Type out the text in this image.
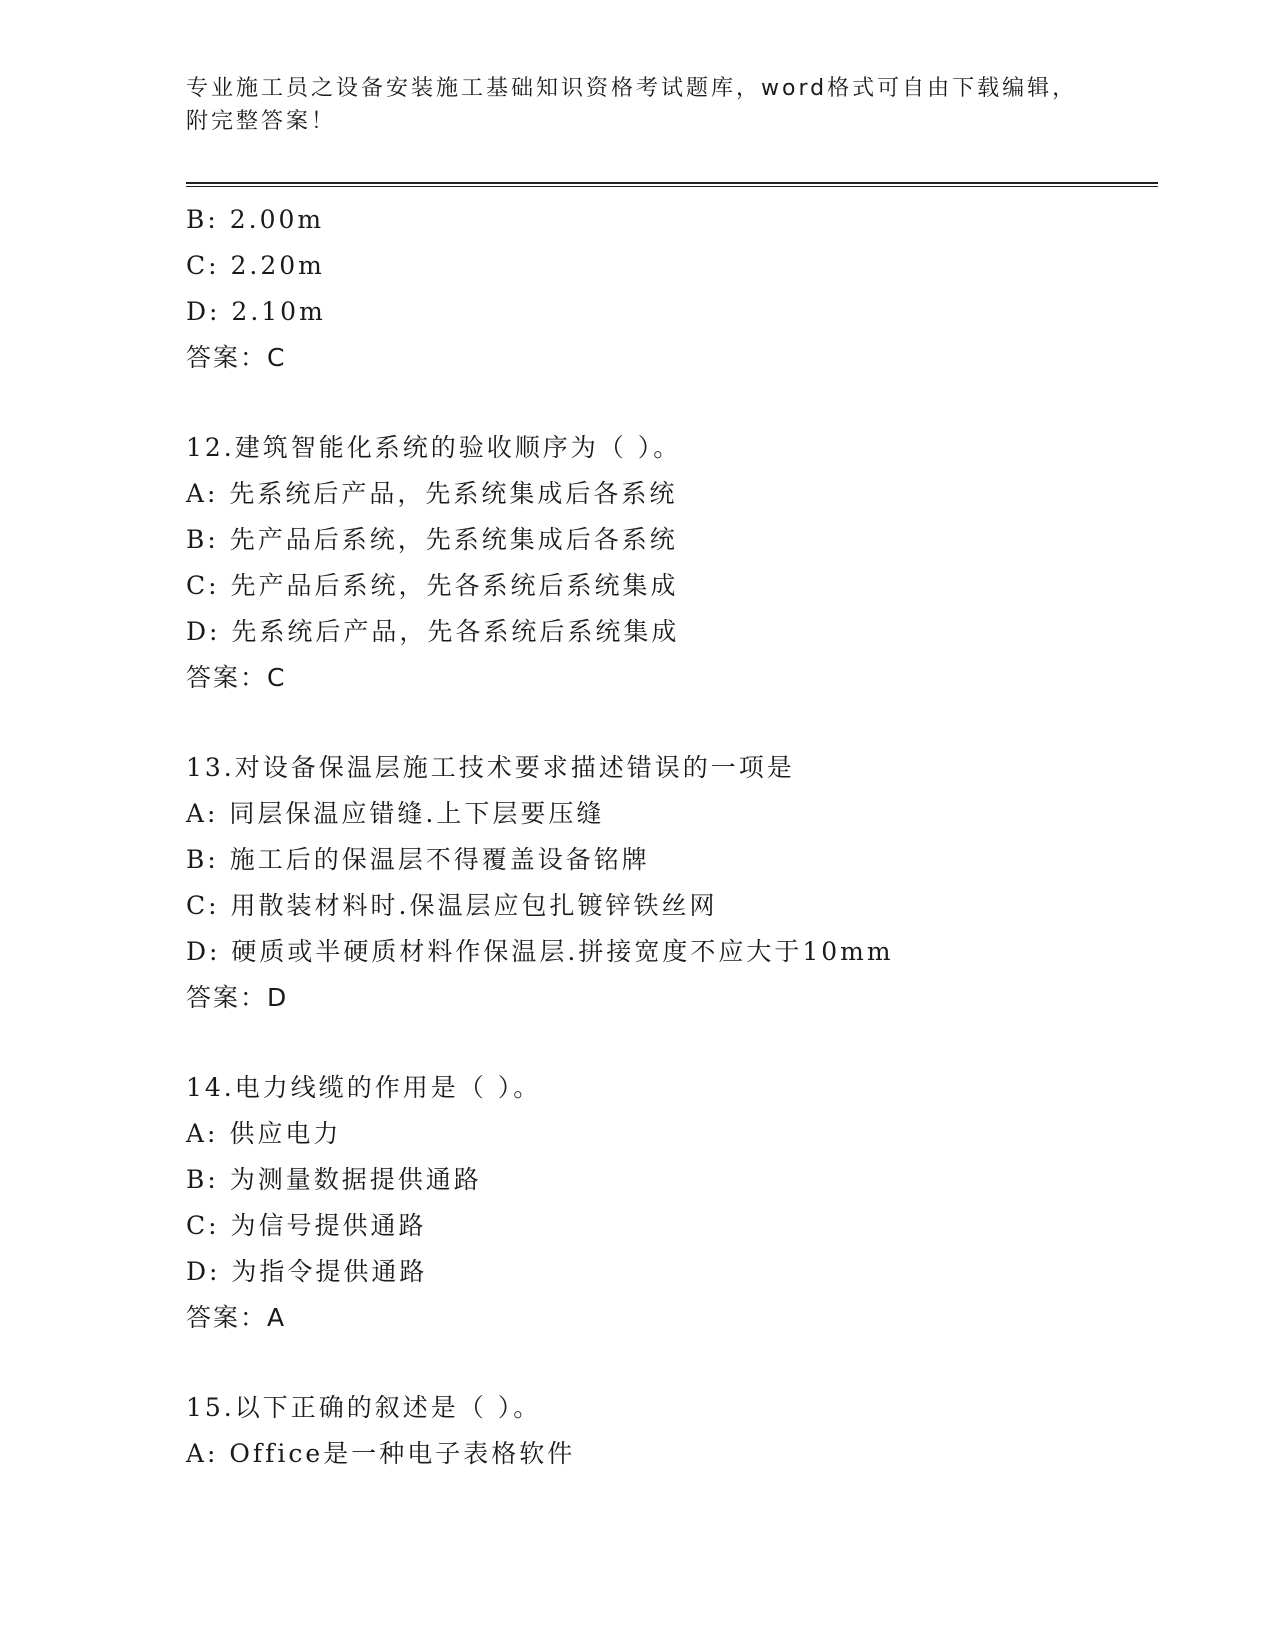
专业施工员之设备安装施工基础知识资格考试题库，word格式可自由下载编辑，
附完整答案！
B: 2.00m
C: 2.20m
D: 2.10m
答案：C
12.建筑智能化系统的验收顺序为（ ）。
A: 先系统后产品，先系统集成后各系统
B: 先产品后系统，先系统集成后各系统
C: 先产品后系统，先各系统后系统集成
D: 先系统后产品，先各系统后系统集成
答案：C
13.对设备保温层施工技术要求描述错误的一项是
A: 同层保温应错缝.上下层要压缝
B: 施工后的保温层不得覆盖设备铭牌
C: 用散装材料时.保温层应包扎镀锌铁丝网
D: 硬质或半硬质材料作保温层.拼接宽度不应大于10mm
答案：D
14.电力线缆的作用是（ ）。
A: 供应电力
B: 为测量数据提供通路
C: 为信号提供通路
D: 为指令提供通路
答案：A
15.以下正确的叙述是（ ）。
A: Office是一种电子表格软件
